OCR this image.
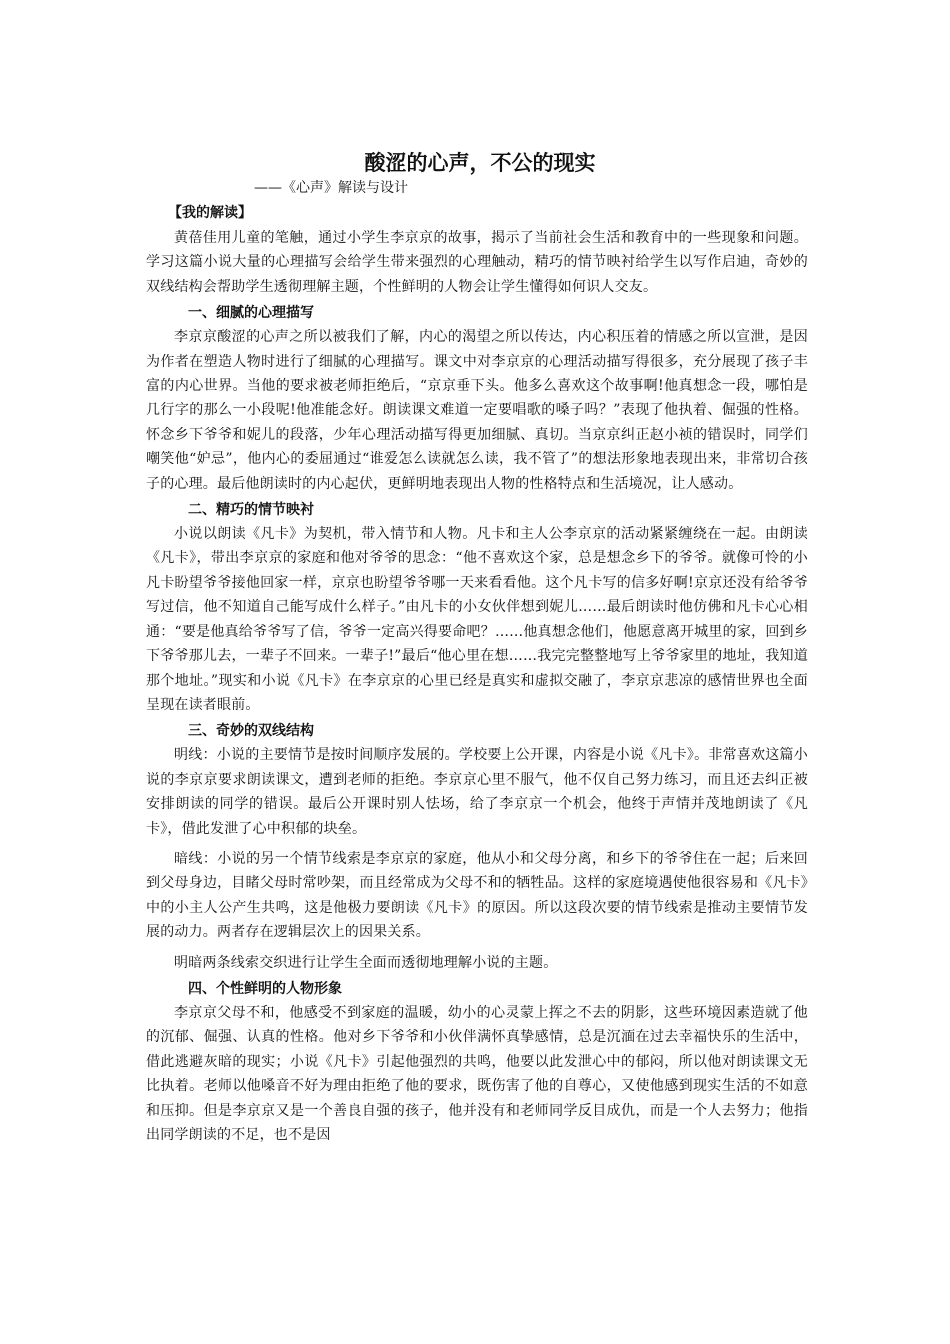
酸涩的心声，不公的现实
——《心声》解读与设计
【我的解读】

黄蓓佳用儿童的笔触，通过小学生李京京的故事，揭示了当前社会生活和教育中的一些现象和问题。学习这篇小说大量的心理描写会给学生带来强烈的心理触动，精巧的情节映衬给学生以写作启迪，奇妙的双线结构会帮助学生透彻理解主题，个性鲜明的人物会让学生懂得如何识人交友。

一、细腻的心理描写

李京京酸涩的心声之所以被我们了解，内心的渴望之所以传达，内心积压着的情感之所以宣泄，是因为作者在塑造人物时进行了细腻的心理描写。课文中对李京京的心理活动描写得很多，充分展现了孩子丰富的内心世界。当他的要求被老师拒绝后，“京京垂下头。他多么喜欢这个故事啊!他真想念一段，哪怕是几行字的那么一小段呢!他准能念好。朗读课文难道一定要唱歌的嗓子吗？”表现了他执着、倔强的性格。怀念乡下爷爷和妮儿的段落，少年心理活动描写得更加细腻、真切。当京京纠正赵小祯的错误时，同学们嘲笑他“妒忌”，他内心的委屈通过“谁爱怎么读就怎么读，我不管了”的想法形象地表现出来，非常切合孩子的心理。最后他朗读时的内心起伏，更鲜明地表现出人物的性格特点和生活境况，让人感动。

二、精巧的情节映衬

小说以朗读《凡卡》为契机，带入情节和人物。凡卡和主人公李京京的活动紧紧缠绕在一起。由朗读《凡卡》，带出李京京的家庭和他对爷爷的思念：“他不喜欢这个家，总是想念乡下的爷爷。就像可怜的小凡卡盼望爷爷接他回家一样，京京也盼望爷爷哪一天来看看他。这个凡卡写的信多好啊!京京还没有给爷爷写过信，他不知道自己能写成什么样子。”由凡卡的小女伙伴想到妮儿……最后朗读时他仿佛和凡卡心心相通：“要是他真给爷爷写了信，爷爷一定高兴得要命吧？……他真想念他们，他愿意离开城里的家，回到乡下爷爷那儿去，一辈子不回来。一辈子!”最后“他心里在想……我完完整整地写上爷爷家里的地址，我知道那个地址。”现实和小说《凡卡》在李京京的心里已经是真实和虚拟交融了，李京京悲凉的感情世界也全面呈现在读者眼前。

三、奇妙的双线结构

明线：小说的主要情节是按时间顺序发展的。学校要上公开课，内容是小说《凡卡》。非常喜欢这篇小说的李京京要求朗读课文，遭到老师的拒绝。李京京心里不服气，他不仅自己努力练习，而且还去纠正被安排朗读的同学的错误。最后公开课时别人怯场，给了李京京一个机会，他终于声情并茂地朗读了《凡卡》，借此发泄了心中积郁的块垒。

暗线：小说的另一个情节线索是李京京的家庭，他从小和父母分离，和乡下的爷爷住在一起；后来回到父母身边，目睹父母时常吵架，而且经常成为父母不和的牺牲品。这样的家庭境遇使他很容易和《凡卡》中的小主人公产生共鸣，这是他极力要朗读《凡卡》的原因。所以这段次要的情节线索是推动主要情节发展的动力。两者存在逻辑层次上的因果关系。

明暗两条线索交织进行让学生全面而透彻地理解小说的主题。

四、个性鲜明的人物形象

李京京父母不和，他感受不到家庭的温暖，幼小的心灵蒙上挥之不去的阴影，这些环境因素造就了他的沉郁、倔强、认真的性格。他对乡下爷爷和小伙伴满怀真挚感情，总是沉湎在过去幸福快乐的生活中，借此逃避灰暗的现实；小说《凡卡》引起他强烈的共鸣，他要以此发泄心中的郁闷，所以他对朗读课文无比执着。老师以他嗓音不好为理由拒绝了他的要求，既伤害了他的自尊心，又使他感到现实生活的不如意和压抑。但是李京京又是一个善良自强的孩子，他并没有和老师同学反目成仇，而是一个人去努力；他指出同学朗读的不足，也不是因
